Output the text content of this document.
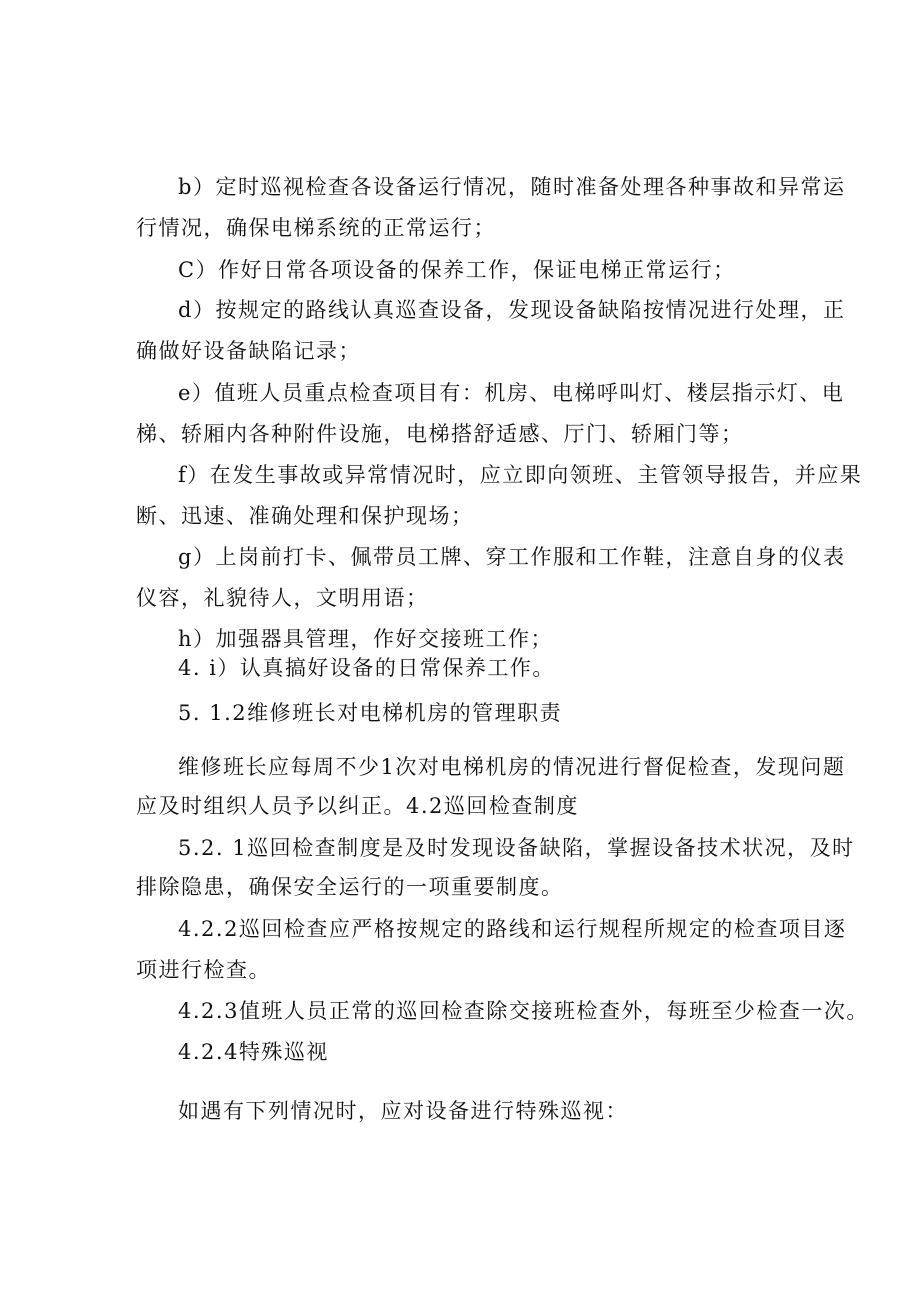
b）定时巡视检查各设备运行情况，随时准备处理各种事故和异常运
行情况，确保电梯系统的正常运行；
C）作好日常各项设备的保养工作，保证电梯正常运行；
d）按规定的路线认真巡查设备，发现设备缺陷按情况进行处理，正
确做好设备缺陷记录；
e）值班人员重点检查项目有：机房、电梯呼叫灯、楼层指示灯、电
梯、轿厢内各种附件设施，电梯搭舒适感、厅门、轿厢门等；
f）在发生事故或异常情况时，应立即向领班、主管领导报告，并应果
断、迅速、准确处理和保护现场；
g）上岗前打卡、佩带员工牌、穿工作服和工作鞋，注意自身的仪表
仪容，礼貌待人，文明用语；
h）加强器具管理，作好交接班工作；
4. i）认真搞好设备的日常保养工作。
5. 1.2维修班长对电梯机房的管理职责
维修班长应每周不少1次对电梯机房的情况进行督促检查，发现问题
应及时组织人员予以纠正。4.2巡回检查制度
5.2. 1巡回检查制度是及时发现设备缺陷，掌握设备技术状况，及时
排除隐患，确保安全运行的一项重要制度。
4.2.2巡回检查应严格按规定的路线和运行规程所规定的检查项目逐
项进行检查。
4.2.3值班人员正常的巡回检查除交接班检查外，每班至少检查一次。
4.2.4特殊巡视
如遇有下列情况时，应对设备进行特殊巡视：
